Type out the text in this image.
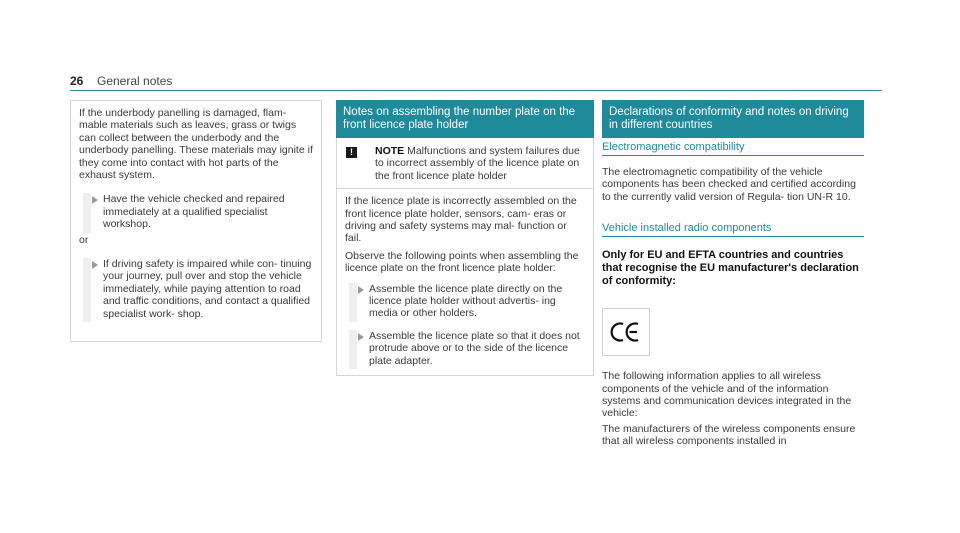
26 General notes

If the underbody panelling is damaged, flam- mable materials such as leaves, grass or twigs can collect between the underbody and the underbody panelling. These materials may ignite if they come into contact with hot parts of the exhaust system.

Have the vehicle checked and repaired immediately at a qualified specialist workshop.

or

If driving safety is impaired while con- tinuing your journey, pull over and stop the vehicle immediately, while paying attention to road and traffic conditions, and contact a qualified specialist work- shop.

Notes on assembling the number plate on the front licence plate holder
!	NOTE Malfunctions and system failures due to incorrect assembly of the licence plate on the front licence plate holder

If the licence plate is incorrectly assembled on the front licence plate holder, sensors, cam- eras or driving and safety systems may mal- function or fail.

Observe the following points when assembling the licence plate on the front licence plate holder:

Assemble the licence plate directly on the licence plate holder without advertis- ing media or other holders.

Assemble the licence plate so that it does not protrude above or to the side of the licence plate adapter.

Declarations of conformity and notes on driving in different countries
Electromagnetic compatibility

The electromagnetic compatibility of the vehicle components has been checked and certified according to the currently valid version of Regula- tion UN-R 10.

Vehicle installed radio components
Only for EU and EFTA countries and countries that recognise the EU manufacturer's declaration of conformity:

The following information applies to all wireless components of the vehicle and of the information systems and communication devices integrated in the vehicle:

The manufacturers of the wireless components ensure that all wireless components installed in
